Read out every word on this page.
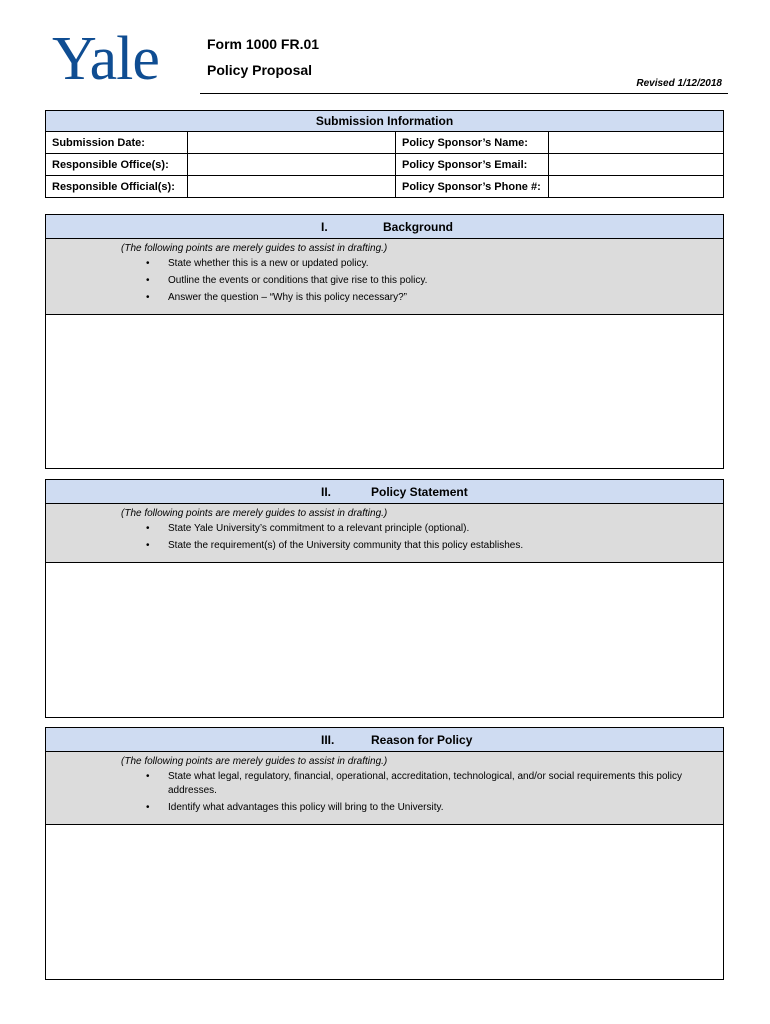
Yale	Form 1000 FR.01
Policy Proposal
Revised 1/12/2018
Submission Information			
Submission Date:		Policy Sponsor’s Name:	
Responsible Office(s):		Policy Sponsor’s Email:	
Responsible Official(s):		Policy Sponsor’s Phone #:	
I.	Background
(The following points are merely guides to assist in drafting.)
• State whether this is a new or updated policy.
• Outline the events or conditions that give rise to this policy.
• Answer the question – “Why is this policy necessary?”
II.	Policy Statement
(The following points are merely guides to assist in drafting.)
• State Yale University’s commitment to a relevant principle (optional).
• State the requirement(s) of the University community that this policy establishes.
III.	Reason for Policy
(The following points are merely guides to assist in drafting.)
• State what legal, regulatory, financial, operational, accreditation, technological, and/or social requirements this policy addresses.
• Identify what advantages this policy will bring to the University.
